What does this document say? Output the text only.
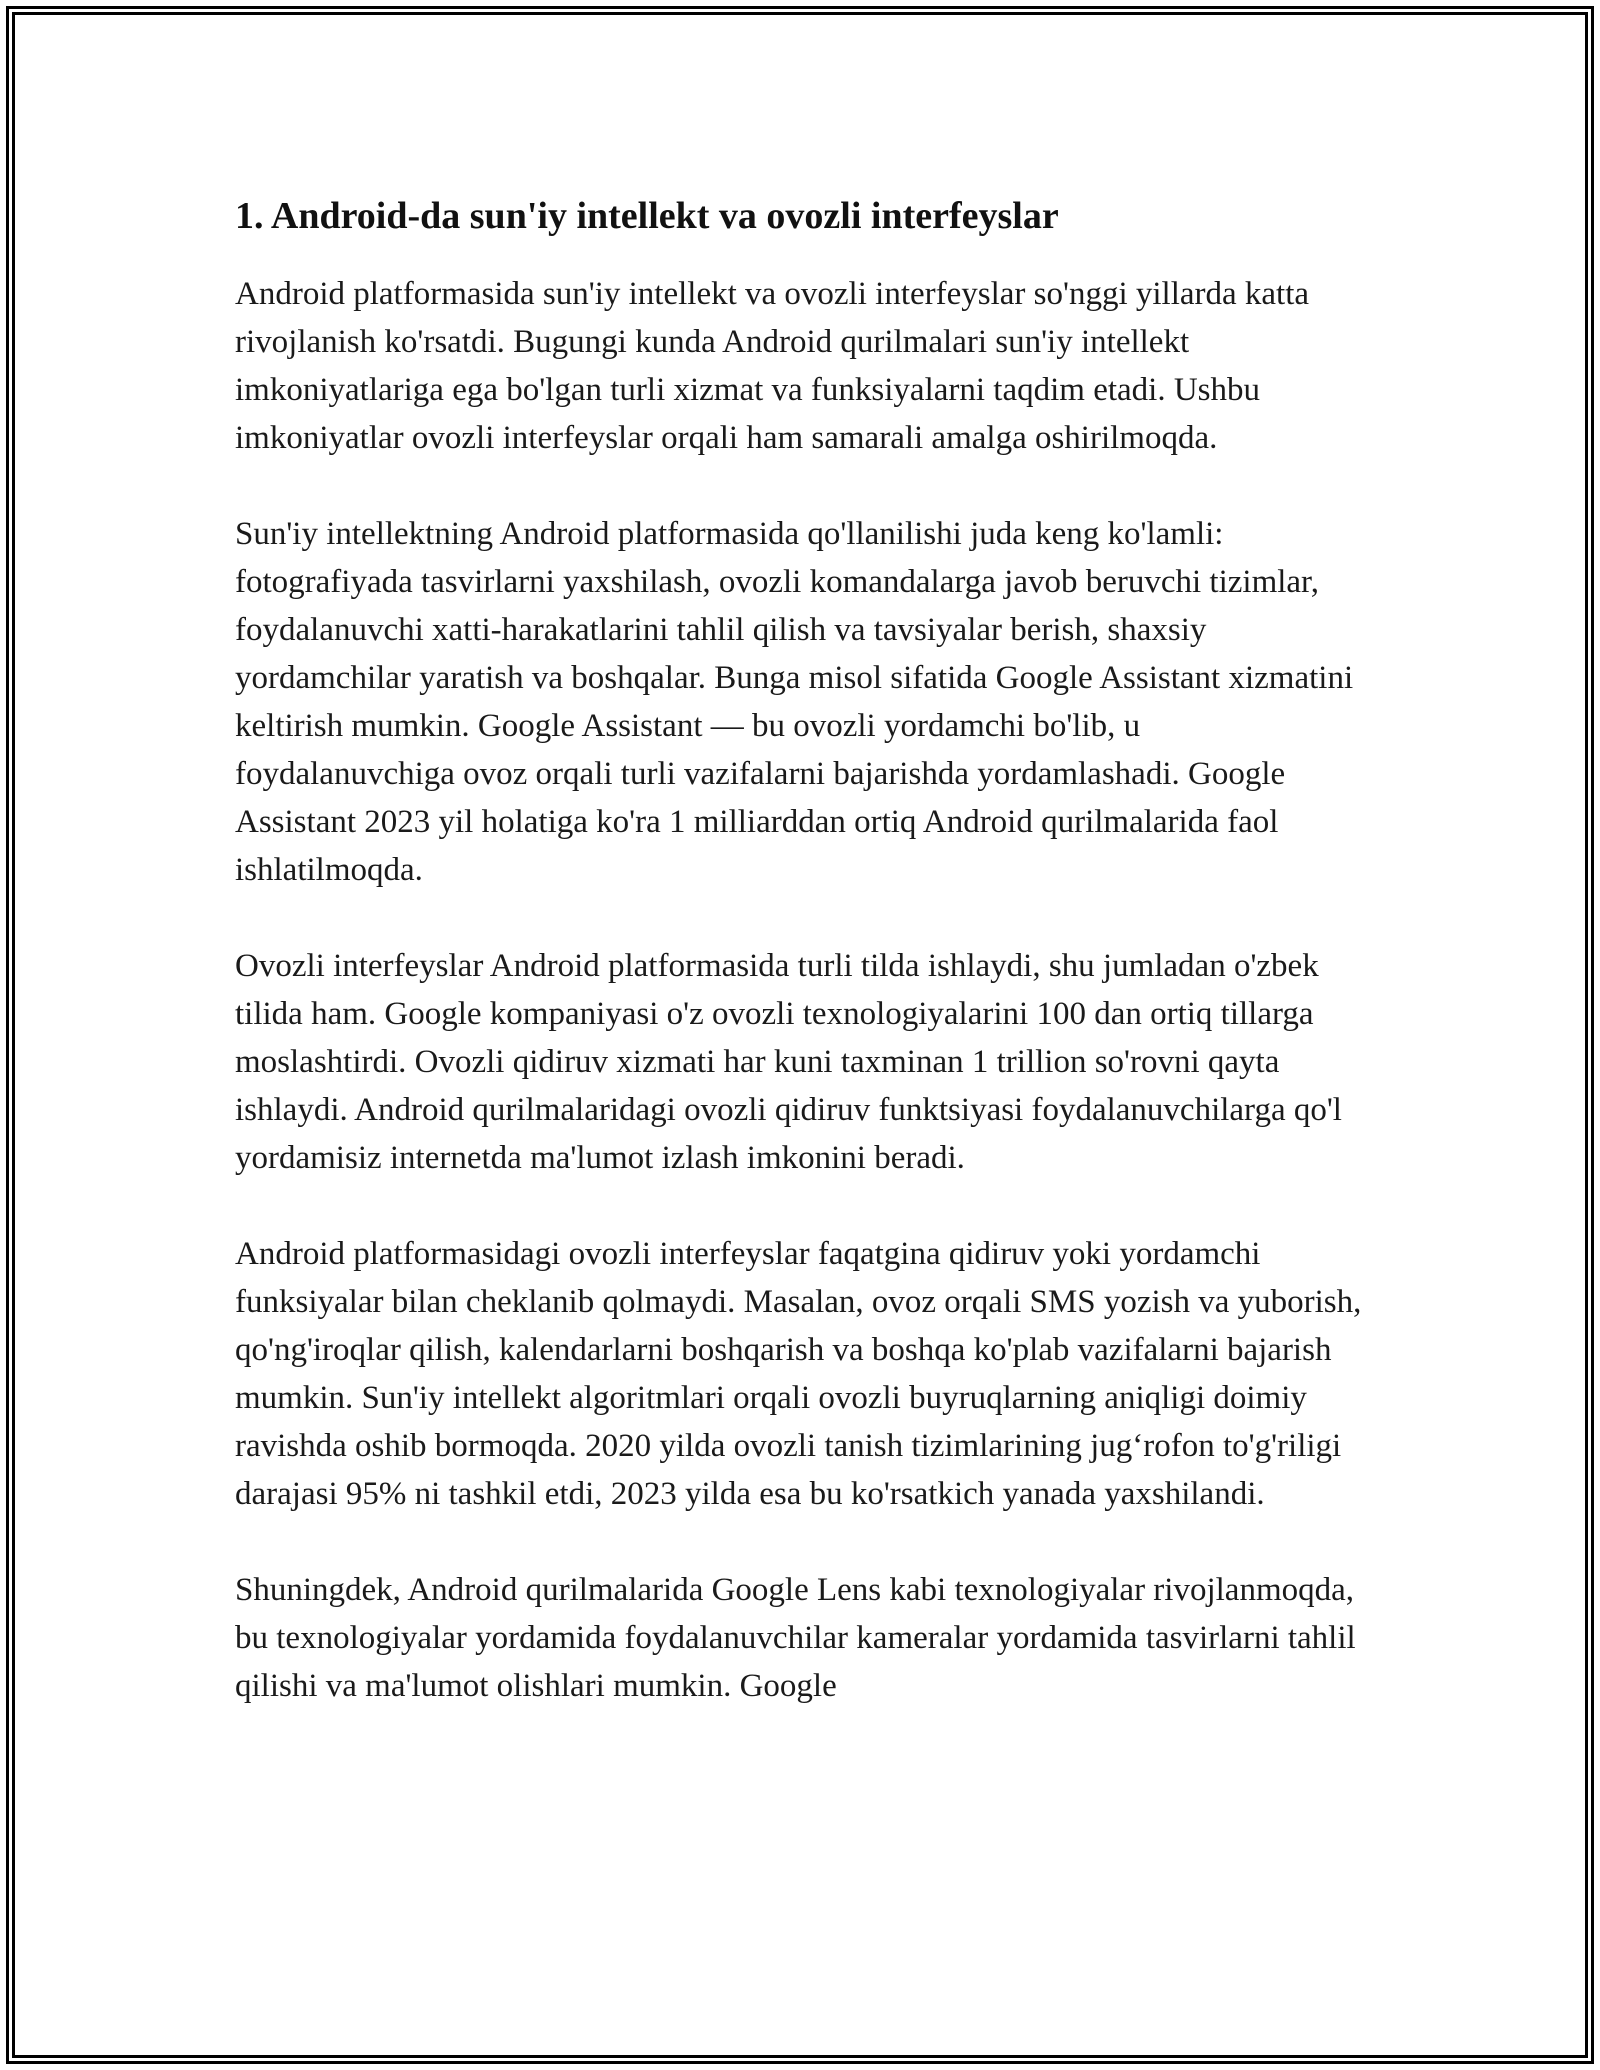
1. Android-da sun'iy intellekt va ovozli interfeyslar

Android platformasida sun'iy intellekt va ovozli interfeyslar so'nggi yillarda katta rivojlanish ko'rsatdi. Bugungi kunda Android qurilmalari sun'iy intellekt imkoniyatlariga ega bo'lgan turli xizmat va funksiyalarni taqdim etadi. Ushbu imkoniyatlar ovozli interfeyslar orqali ham samarali amalga oshirilmoqda.

Sun'iy intellektning Android platformasida qo'llanilishi juda keng ko'lamli: fotografiyada tasvirlarni yaxshilash, ovozli komandalarga javob beruvchi tizimlar, foydalanuvchi xatti-harakatlarini tahlil qilish va tavsiyalar berish, shaxsiy yordamchilar yaratish va boshqalar. Bunga misol sifatida Google Assistant xizmatini keltirish mumkin. Google Assistant — bu ovozli yordamchi bo'lib, u foydalanuvchiga ovoz orqali turli vazifalarni bajarishda yordamlashadi. Google Assistant 2023 yil holatiga ko'ra 1 milliarddan ortiq Android qurilmalarida faol ishlatilmoqda.

Ovozli interfeyslar Android platformasida turli tilda ishlaydi, shu jumladan o'zbek tilida ham. Google kompaniyasi o'z ovozli texnologiyalarini 100 dan ortiq tillarga moslashtirdi. Ovozli qidiruv xizmati har kuni taxminan 1 trillion so'rovni qayta ishlaydi. Android qurilmalaridagi ovozli qidiruv funktsiyasi foydalanuvchilarga qo'l yordamisiz internetda ma'lumot izlash imkonini beradi.

Android platformasidagi ovozli interfeyslar faqatgina qidiruv yoki yordamchi funksiyalar bilan cheklanib qolmaydi. Masalan, ovoz orqali SMS yozish va yuborish, qo'ng'iroqlar qilish, kalendarlarni boshqarish va boshqa ko'plab vazifalarni bajarish mumkin. Sun'iy intellekt algoritmlari orqali ovozli buyruqlarning aniqligi doimiy ravishda oshib bormoqda. 2020 yilda ovozli tanish tizimlarining jug‘rofon to'g'riligi darajasi 95% ni tashkil etdi, 2023 yilda esa bu ko'rsatkich yanada yaxshilandi.

Shuningdek, Android qurilmalarida Google Lens kabi texnologiyalar rivojlanmoqda, bu texnologiyalar yordamida foydalanuvchilar kameralar yordamida tasvirlarni tahlil qilishi va ma'lumot olishlari mumkin. Google
